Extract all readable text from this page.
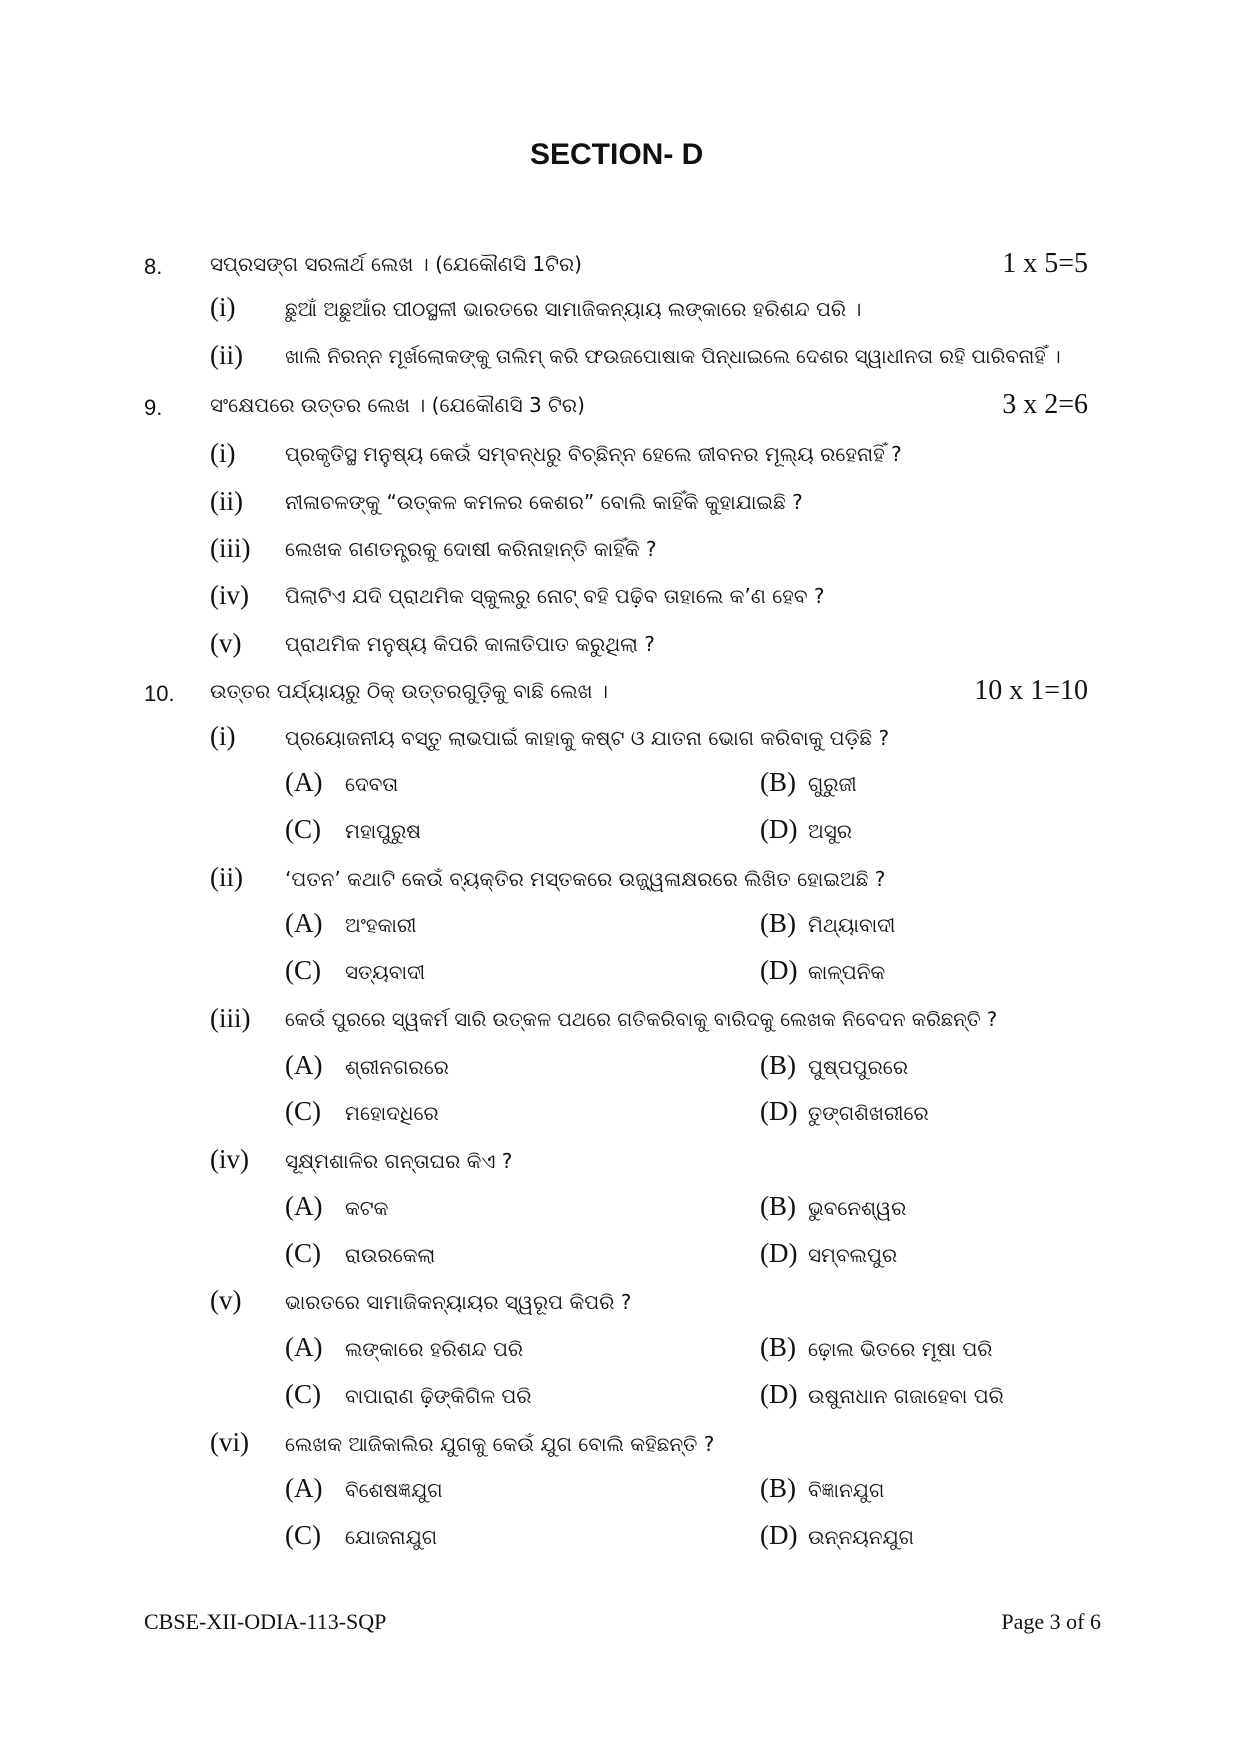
SECTION- D
8. ସପ୍ରସଙ୍ଗ ସରଳାର୍ଥ ଲେଖ । (ଯେକୌଣସି 1ଟିର)	1 x 5=5
(i) ଛୁଆଁ ଅଛୁଆଁର ପୀଠସ୍ଥଳୀ ଭାରତରେ ସାମାଜିକନ୍ୟାୟ ଲଙ୍କାରେ ହରିଶନ୍ଦ ପରି ।
(ii) ଖାଲି ନିରନ୍ନ ମୂର୍ଖଲୋକଙ୍କୁ ତାଲିମ୍ କରି ଫଉଜପୋଷାକ ପିନ୍ଧାଇଲେ ଦେଶର ସ୍ୱାଧୀନତା ରହି ପାରିବନାହିଁ ।
9. ସଂକ୍ଷେପରେ ଉତ୍ତର ଲେଖ । (ଯେକୌଣସି 3 ଟିର)	3 x 2=6
(i) ପ୍ରକୃତିସ୍ଥ ମନୁଷ୍ୟ କେଉଁ ସମ୍ବନ୍ଧରୁ ବିଚ୍ଛିନ୍ନ ହେଲେ ଜୀବନର ମୂଲ୍ୟ ରହେନାହିଁ ?
(ii) ନୀଳାଚଳଙ୍କୁ “ଉତ୍କଳ କମଳର କେଶର” ବୋଲି କାହିଁକି କୁହାଯାଇଛି ?
(iii) ଲେଖକ ଗଣତନ୍ତ୍ରକୁ ଦୋଷୀ କରିନାହାନ୍ତି କାହିଁକି ?
(iv) ପିଲାଟିଏ ଯଦି ପ୍ରାଥମିକ ସ୍କୁଲରୁ ନୋଟ୍ ବହି ପଢ଼ିବ ତାହାଲେ କ’ଣ ହେବ ?
(v) ପ୍ରାଥମିକ ମନୁଷ୍ୟ କିପରି କାଳାତିପାତ କରୁଥିଲା ?
10. ଉତ୍ତର ପର୍ଯ୍ୟାୟରୁ ଠିକ୍ ଉତ୍ତରଗୁଡ଼ିକୁ ବାଛି ଲେଖ ।	10 x 1=10
(i) ପ୍ରୟୋଜନୀୟ ବସ୍ତୁ ଲାଭପାଇଁ କାହାକୁ କଷ୍ଟ ଓ ଯାତନା ଭୋଗ କରିବାକୁ ପଡ଼ିଛି ?
(A) ଦେବତା	(B) ଗୁରୁଜୀ
(C) ମହାପୁରୁଷ	(D) ଅସୁର
(ii) ‘ପତନ’ କଥାଟି କେଉଁ ବ୍ୟକ୍ତିର ମସ୍ତକରେ ଉଜ୍ଜ୍ୱଳାକ୍ଷରରେ ଲିଖିତ ହୋଇଅଛି ?
(A) ଅଂହକାରୀ	(B) ମିଥ୍ୟାବାଦୀ
(C) ସତ୍ୟବାଦୀ	(D) କାଳ୍ପନିକ
(iii) କେଉଁ ପୁରରେ ସ୍ୱକର୍ମ ସାରି ଉତ୍କଳ ପଥରେ ଗତିକରିବାକୁ ବାରିଦକୁ ଲେଖକ ନିବେଦନ କରିଛନ୍ତି ?
(A) ଶ୍ରୀନଗରରେ	(B) ପୁଷ୍ପପୁରରେ
(C) ମହୋଦଧିରେ	(D) ତୁଙ୍ଗଶିଖରୀରେ
(iv) ସୂକ୍ଷ୍ମଶାଳିର ଗନ୍ତାଘର କିଏ ?
(A) କଟକ	(B) ଭୁବନେଶ୍ୱର
(C) ରାଉରକେଲା	(D) ସମ୍ବଲପୁର
(v) ଭାରତରେ ସାମାଜିକନ୍ୟାୟର ସ୍ୱରୂପ କିପରି ?
(A) ଲଙ୍କାରେ ହରିଶନ୍ଦ ପରି	(B) ଢ଼ୋଲ ଭିତରେ ମୂଷା ପରି
(C) ବାପାରାଣ ଢ଼ିଙ୍କିଗିଳ ପରି	(D) ଉଷୁନାଧାନ ଗଜାହେବା ପରି
(vi) ଲେଖକ ଆଜିକାଲିର ଯୁଗକୁ କେଉଁ ଯୁଗ ବୋଲି କହିଛନ୍ତି ?
(A) ବିଶେଷଜ୍ଞଯୁଗ	(B) ବିଜ୍ଞାନଯୁଗ
(C) ଯୋଜନାଯୁଗ	(D) ଉନ୍ନୟନଯୁଗ
CBSE-XII-ODIA-113-SQP	Page 3 of 6
